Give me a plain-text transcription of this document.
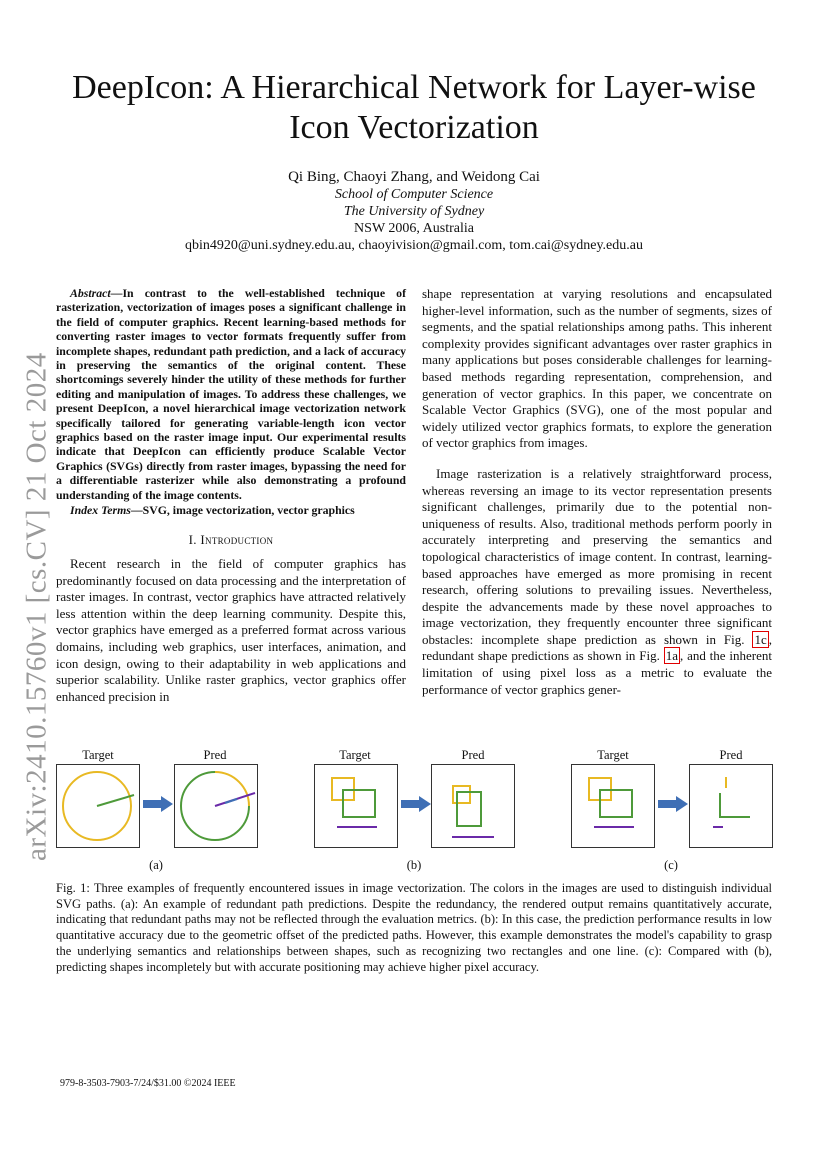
arXiv:2410.15760v1 [cs.CV] 21 Oct 2024
DeepIcon: A Hierarchical Network for Layer-wise Icon Vectorization
Qi Bing, Chaoyi Zhang, and Weidong Cai
School of Computer Science
The University of Sydney
NSW 2006, Australia
qbin4920@uni.sydney.edu.au, chaoyivision@gmail.com, tom.cai@sydney.edu.au
Abstract—In contrast to the well-established technique of rasterization, vectorization of images poses a significant challenge in the field of computer graphics. Recent learning-based methods for converting raster images to vector formats frequently suffer from incomplete shapes, redundant path prediction, and a lack of accuracy in preserving the semantics of the original content. These shortcomings severely hinder the utility of these methods for further editing and manipulation of images. To address these challenges, we present DeepIcon, a novel hierarchical image vectorization network specifically tailored for generating variable-length icon vector graphics based on the raster image input. Our experimental results indicate that DeepIcon can efficiently produce Scalable Vector Graphics (SVGs) directly from raster images, bypassing the need for a differentiable rasterizer while also demonstrating a profound understanding of the image contents.
Index Terms—SVG, image vectorization, vector graphics
I. Introduction

Recent research in the field of computer graphics has predominantly focused on data processing and the interpretation of raster images. In contrast, vector graphics have attracted relatively less attention within the deep learning community. Despite this, vector graphics have emerged as a preferred format across various domains, including web graphics, user interfaces, animation, and icon design, owing to their adaptability in web applications and superior scalability. Unlike raster graphics, vector graphics offer enhanced precision in

shape representation at varying resolutions and encapsulated higher-level information, such as the number of segments, sizes of segments, and the spatial relationships among paths. This inherent complexity provides significant advantages over raster graphics in many applications but poses considerable challenges for learning-based methods regarding representation, comprehension, and generation of vector graphics. In this paper, we concentrate on Scalable Vector Graphics (SVG), one of the most popular and widely utilized vector graphics formats, to explore the generation of vector graphics from images.

Image rasterization is a relatively straightforward process, whereas reversing an image to its vector representation presents significant challenges, primarily due to the potential non-uniqueness of results. Also, traditional methods perform poorly in accurately interpreting and preserving the semantics and topological characteristics of image content. In contrast, learning-based approaches have emerged as more promising in recent research, offering solutions to prevailing issues. Nevertheless, despite the advancements made by these novel approaches to image vectorization, they frequently encounter three significant obstacles: incomplete shape prediction as shown in Fig. 1c , redundant shape predictions as shown in Fig. 1a , and the inherent limitation of using pixel loss as a metric to evaluate the performance of vector graphics gener-

Target	Pred
(a)
Target	Pred
(b)
Target	Pred
(c)
Fig. 1: Three examples of frequently encountered issues in image vectorization. The colors in the images are used to distinguish individual SVG paths. (a): An example of redundant path predictions. Despite the redundancy, the rendered output remains quantitatively accurate, indicating that redundant paths may not be reflected through the evaluation metrics. (b): In this case, the prediction performance results in low quantitative accuracy due to the geometric offset of the predicted paths. However, this example demonstrates the model's capability to grasp the underlying semantics and relationships between shapes, such as recognizing two rectangles and one line. (c): Compared with (b), predicting shapes incompletely but with accurate positioning may achieve higher pixel accuracy.
979-8-3503-7903-7/24/$31.00 ©2024 IEEE
